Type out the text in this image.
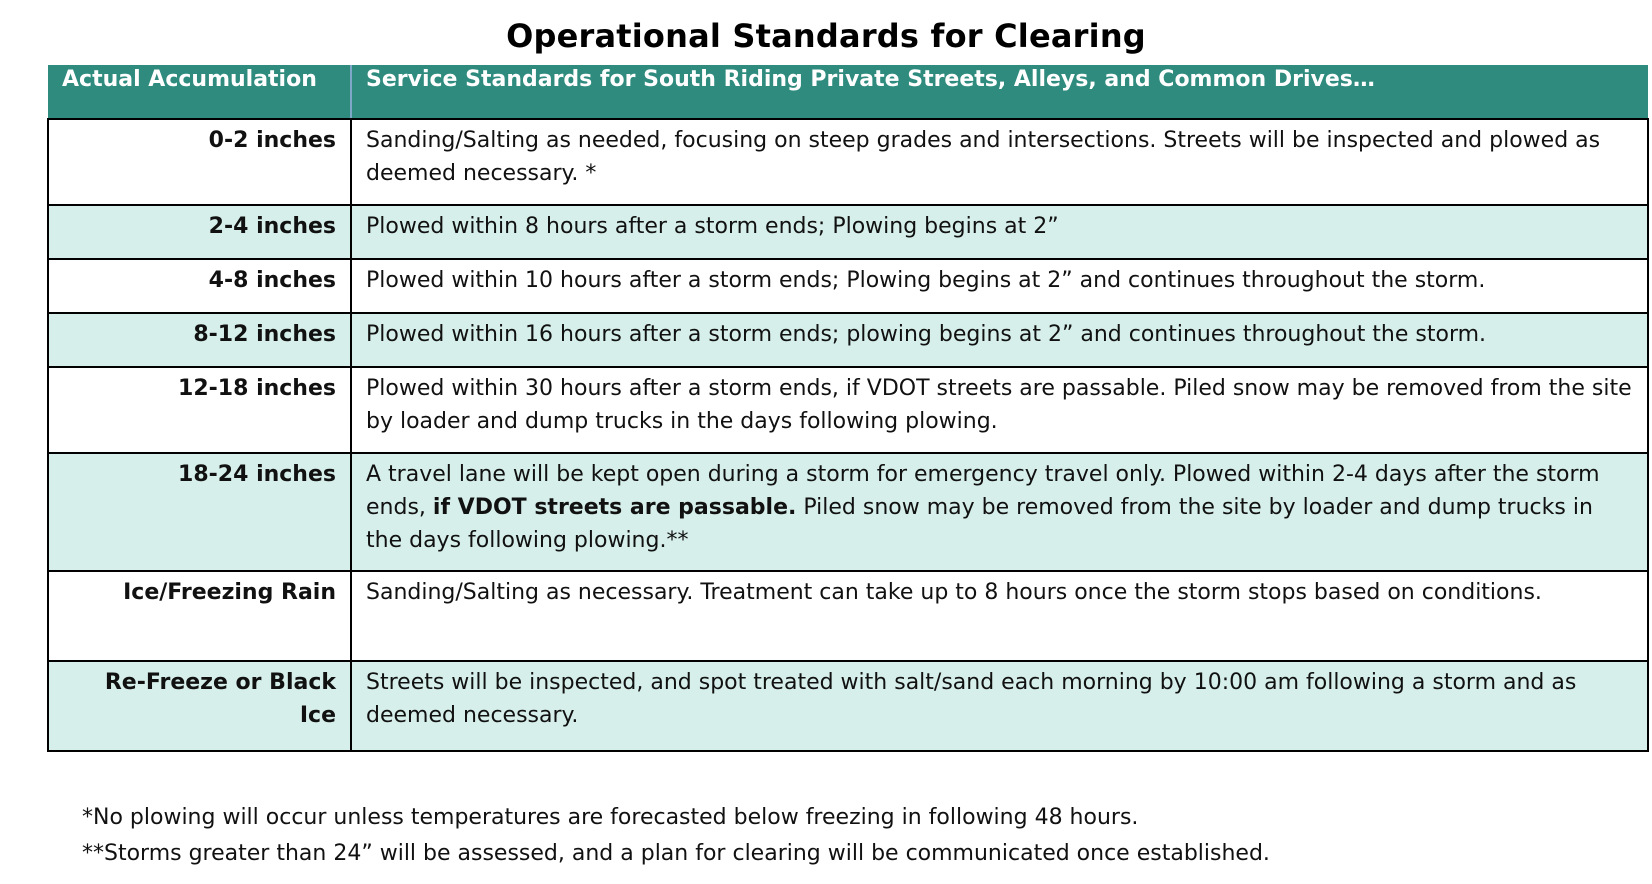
Operational Standards for Clearing
Actual Accumulation	Service Standards for South Riding Private Streets, Alleys, and Common Drives…
0-2 inches	Sanding/Salting as needed, focusing on steep grades and intersections. Streets will be inspected and plowed as deemed necessary. *
2-4 inches	Plowed within 8 hours after a storm ends; Plowing begins at 2”
4-8 inches	Plowed within 10 hours after a storm ends; Plowing begins at 2” and continues throughout the storm.
8-12 inches	Plowed within 16 hours after a storm ends; plowing begins at 2” and continues throughout the storm.
12-18 inches	Plowed within 30 hours after a storm ends, if VDOT streets are passable. Piled snow may be removed from the site by loader and dump trucks in the days following plowing.
18-24 inches	A travel lane will be kept open during a storm for emergency travel only. Plowed within 2-4 days after the storm ends, if VDOT streets are passable. Piled snow may be removed from the site by loader and dump trucks in the days following plowing.**
Ice/Freezing Rain	Sanding/Salting as necessary. Treatment can take up to 8 hours once the storm stops based on conditions.
Re-Freeze or Black Ice	Streets will be inspected, and spot treated with salt/sand each morning by 10:00 am following a storm and as deemed necessary.
*No plowing will occur unless temperatures are forecasted below freezing in following 48 hours.
**Storms greater than 24” will be assessed, and a plan for clearing will be communicated once established.
